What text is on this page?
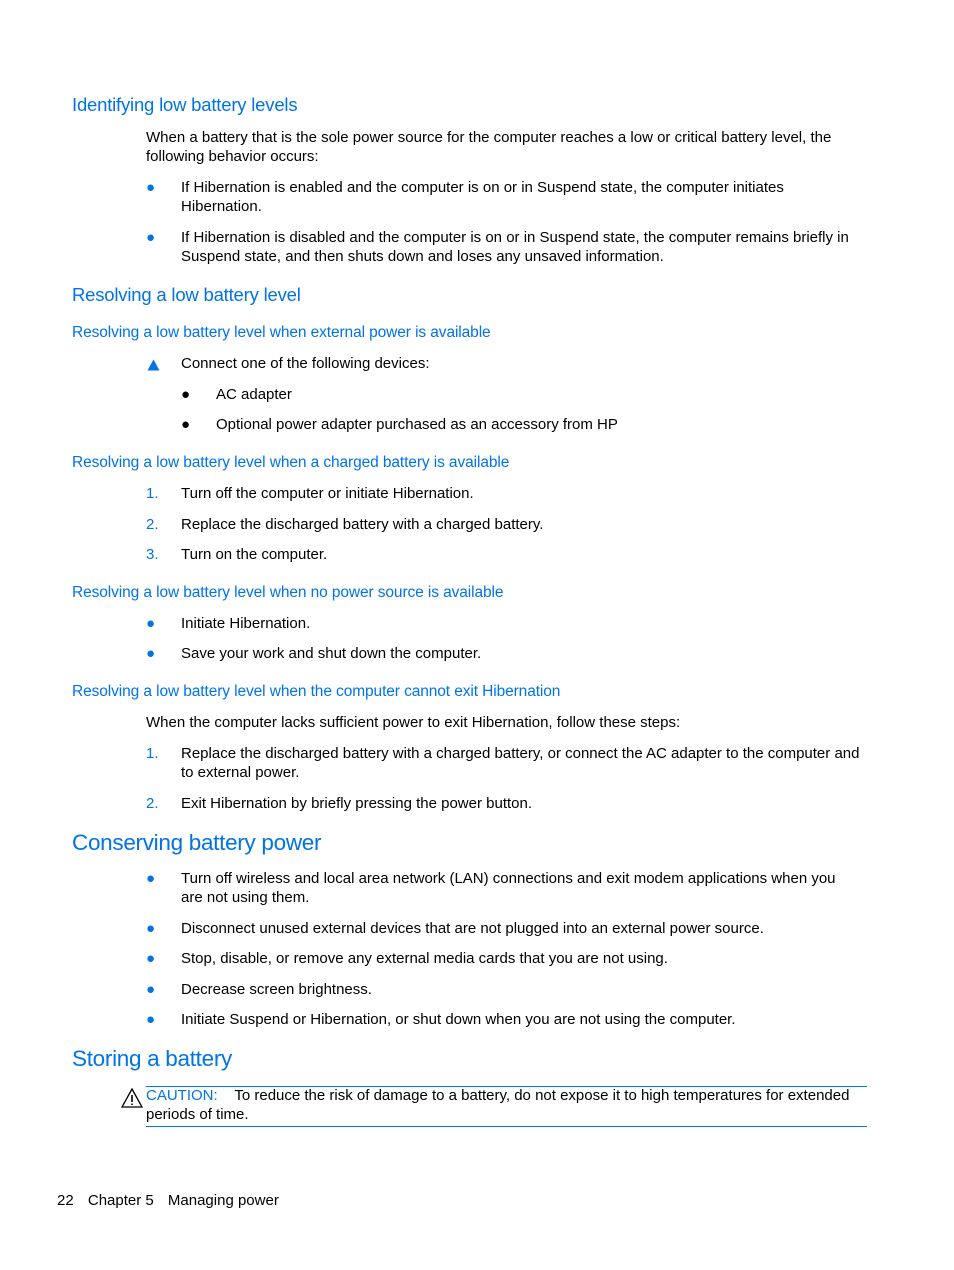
Identifying low battery levels
When a battery that is the sole power source for the computer reaches a low or critical battery level, the following behavior occurs:
● If Hibernation is enabled and the computer is on or in Suspend state, the computer initiates Hibernation.
● If Hibernation is disabled and the computer is on or in Suspend state, the computer remains briefly in Suspend state, and then shuts down and loses any unsaved information.
Resolving a low battery level
Resolving a low battery level when external power is available
Connect one of the following devices:
● AC adapter
● Optional power adapter purchased as an accessory from HP
Resolving a low battery level when a charged battery is available
1. Turn off the computer or initiate Hibernation.
2. Replace the discharged battery with a charged battery.
3. Turn on the computer.
Resolving a low battery level when no power source is available
● Initiate Hibernation.
● Save your work and shut down the computer.
Resolving a low battery level when the computer cannot exit Hibernation
When the computer lacks sufficient power to exit Hibernation, follow these steps:
1. Replace the discharged battery with a charged battery, or connect the AC adapter to the computer and to external power.
2. Exit Hibernation by briefly pressing the power button.
Conserving battery power
● Turn off wireless and local area network (LAN) connections and exit modem applications when you are not using them.
● Disconnect unused external devices that are not plugged into an external power source.
● Stop, disable, or remove any external media cards that you are not using.
● Decrease screen brightness.
● Initiate Suspend or Hibernation, or shut down when you are not using the computer.
Storing a battery
CAUTION: To reduce the risk of damage to a battery, do not expose it to high temperatures for extended periods of time.
22 Chapter 5 Managing power
